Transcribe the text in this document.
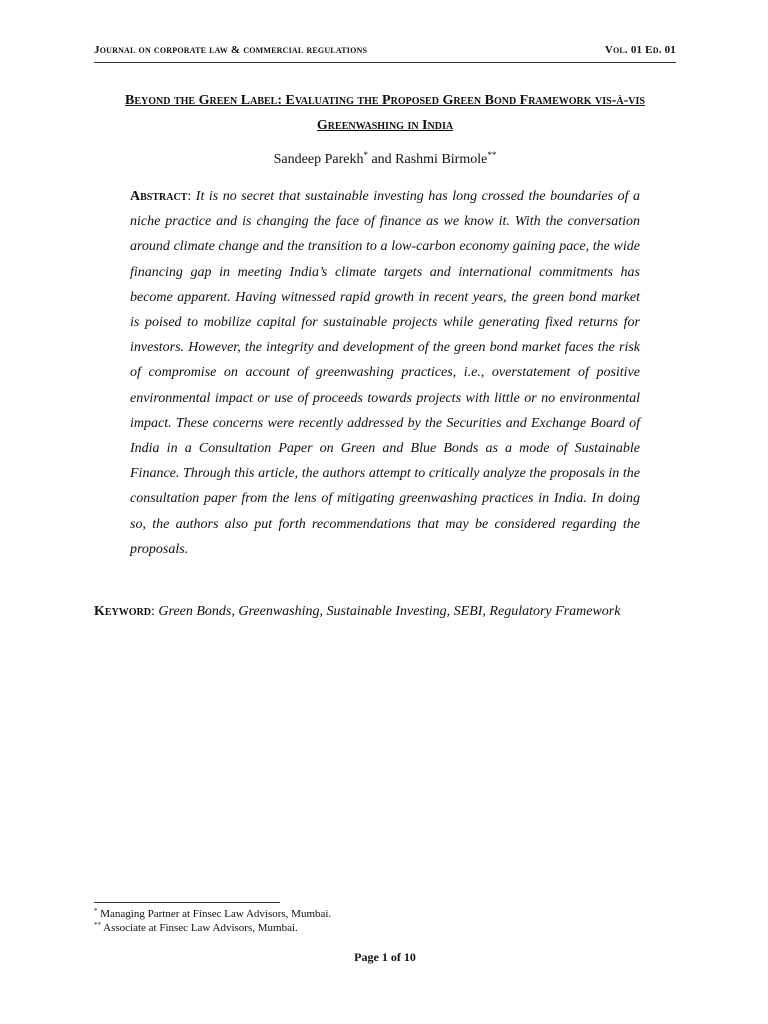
Journal on corporate law & commercial regulations	Vol. 01 Ed. 01
Beyond the Green Label: Evaluating the Proposed Green Bond Framework vis-à-vis Greenwashing in India
Sandeep Parekh* and Rashmi Birmole**
Abstract: It is no secret that sustainable investing has long crossed the boundaries of a niche practice and is changing the face of finance as we know it. With the conversation around climate change and the transition to a low-carbon economy gaining pace, the wide financing gap in meeting India’s climate targets and international commitments has become apparent. Having witnessed rapid growth in recent years, the green bond market is poised to mobilize capital for sustainable projects while generating fixed returns for investors. However, the integrity and development of the green bond market faces the risk of compromise on account of greenwashing practices, i.e., overstatement of positive environmental impact or use of proceeds towards projects with little or no environmental impact. These concerns were recently addressed by the Securities and Exchange Board of India in a Consultation Paper on Green and Blue Bonds as a mode of Sustainable Finance. Through this article, the authors attempt to critically analyze the proposals in the consultation paper from the lens of mitigating greenwashing practices in India. In doing so, the authors also put forth recommendations that may be considered regarding the proposals.
Keyword: Green Bonds, Greenwashing, Sustainable Investing, SEBI, Regulatory Framework
* Managing Partner at Finsec Law Advisors, Mumbai.
** Associate at Finsec Law Advisors, Mumbai.
Page 1 of 10
